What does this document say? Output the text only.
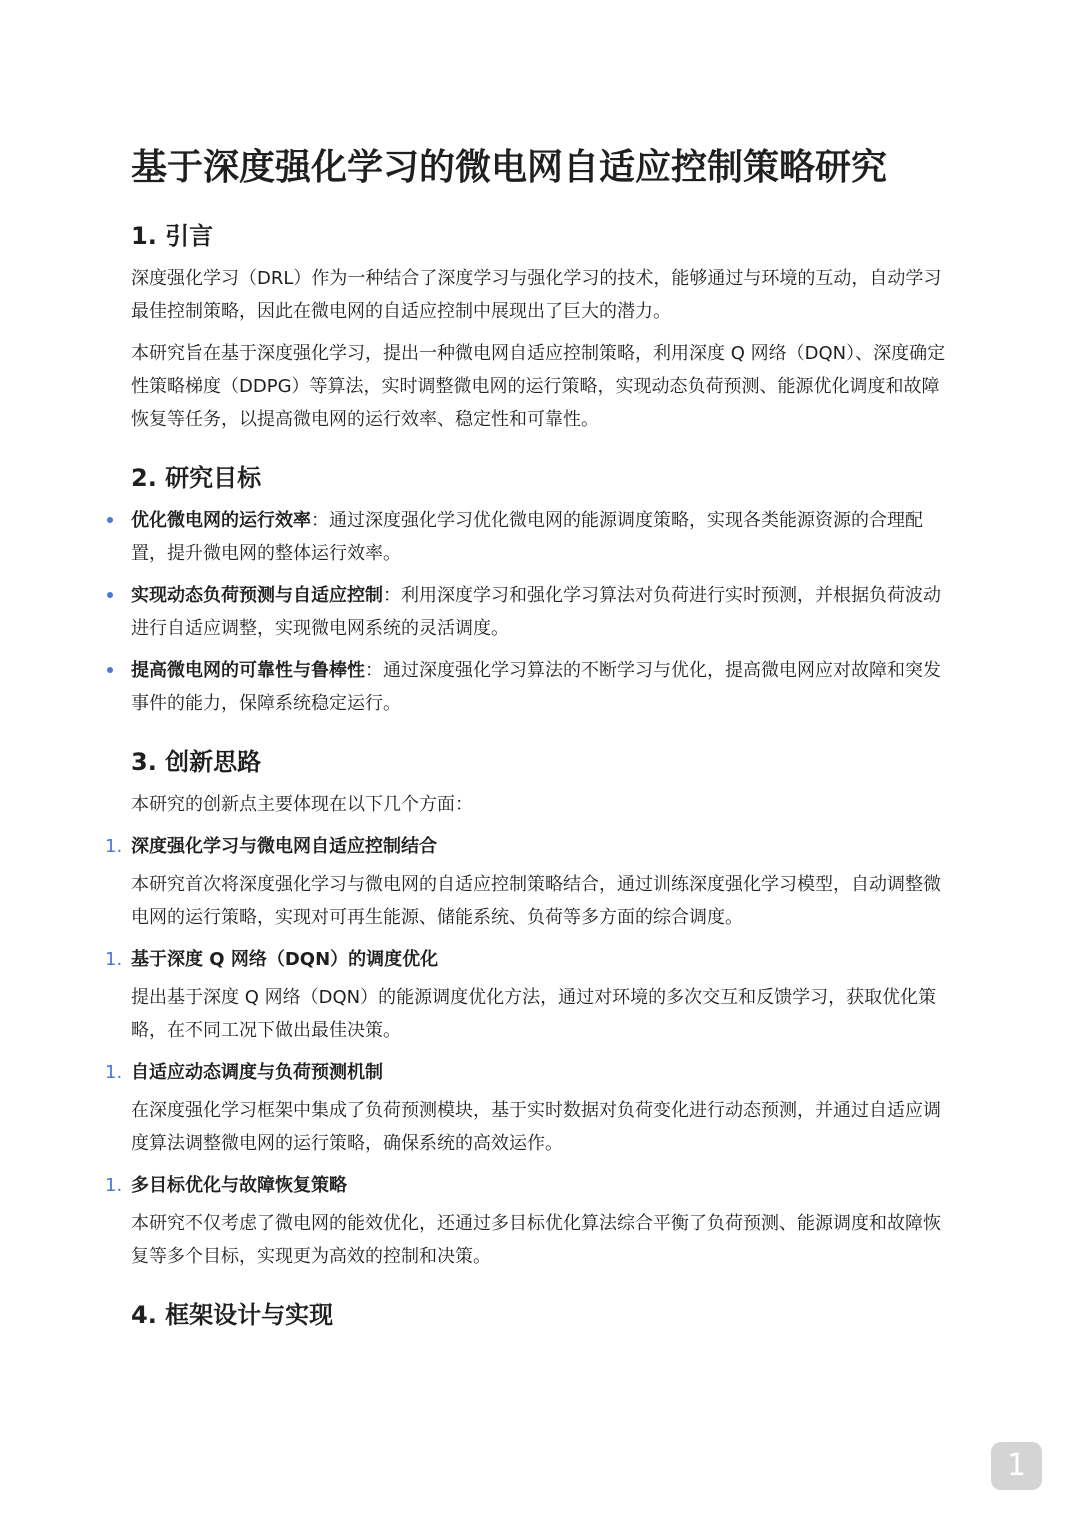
基于深度强化学习的微电网自适应控制策略研究
1. 引言

深度强化学习（DRL）作为一种结合了深度学习与强化学习的技术，能够通过与环境的互动，自动学习最佳控制策略，因此在微电网的自适应控制中展现出了巨大的潜力。

本研究旨在基于深度强化学习，提出一种微电网自适应控制策略，利用深度 Q 网络（DQN）、深度确定性策略梯度（DDPG）等算法，实时调整微电网的运行策略，实现动态负荷预测、能源优化调度和故障恢复等任务，以提高微电网的运行效率、稳定性和可靠性。

2. 研究目标
优化微电网的运行效率：通过深度强化学习优化微电网的能源调度策略，实现各类能源资源的合理配置，提升微电网的整体运行效率。
实现动态负荷预测与自适应控制：利用深度学习和强化学习算法对负荷进行实时预测，并根据负荷波动进行自适应调整，实现微电网系统的灵活调度。
提高微电网的可靠性与鲁棒性：通过深度强化学习算法的不断学习与优化，提高微电网应对故障和突发事件的能力，保障系统稳定运行。
3. 创新思路

本研究的创新点主要体现在以下几个方面：

1. 深度强化学习与微电网自适应控制结合

本研究首次将深度强化学习与微电网的自适应控制策略结合，通过训练深度强化学习模型，自动调整微电网的运行策略，实现对可再生能源、储能系统、负荷等多方面的综合调度。

1. 基于深度 Q 网络（DQN）的调度优化

提出基于深度 Q 网络（DQN）的能源调度优化方法，通过对环境的多次交互和反馈学习，获取优化策略，在不同工况下做出最佳决策。

1. 自适应动态调度与负荷预测机制

在深度强化学习框架中集成了负荷预测模块，基于实时数据对负荷变化进行动态预测，并通过自适应调度算法调整微电网的运行策略，确保系统的高效运作。

1. 多目标优化与故障恢复策略

本研究不仅考虑了微电网的能效优化，还通过多目标优化算法综合平衡了负荷预测、能源调度和故障恢复等多个目标，实现更为高效的控制和决策。

4. 框架设计与实现
1
